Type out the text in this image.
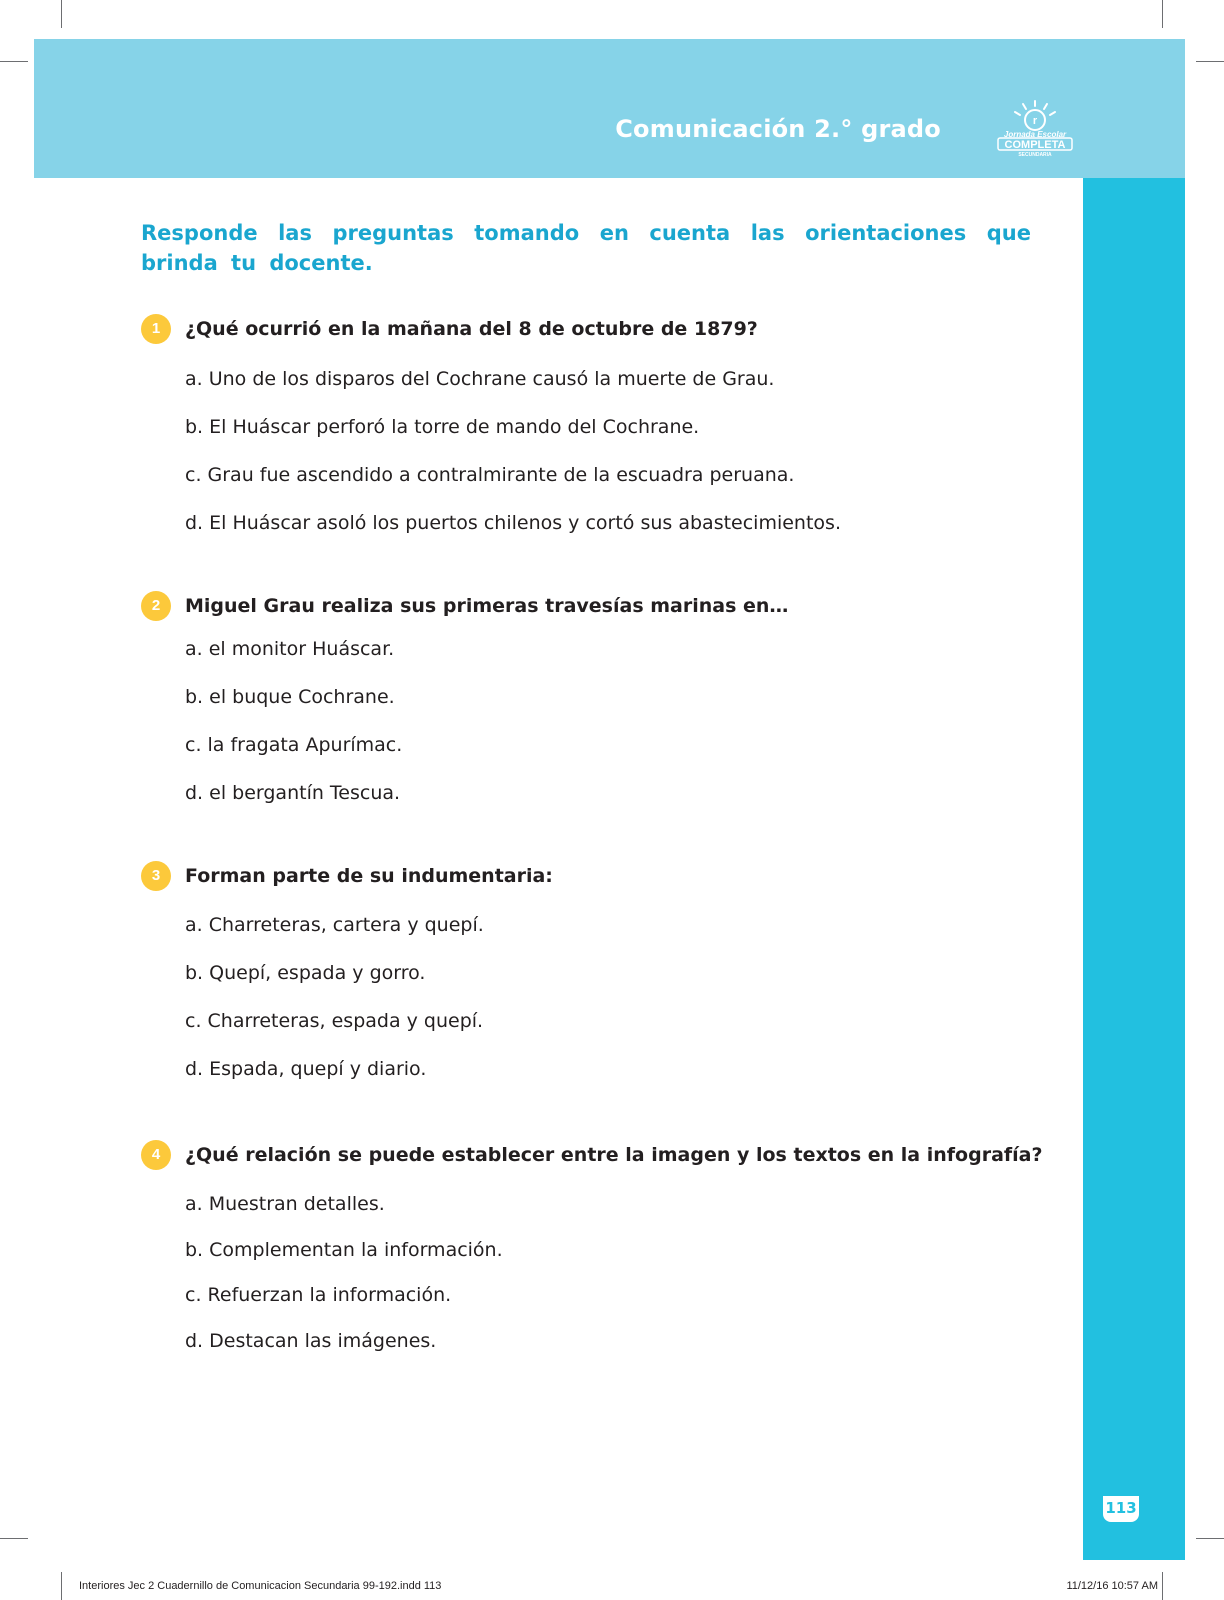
Comunicación 2.° grado	r
Jornada Escolar
COMPLETA
SECUNDARIA
113
Responde las preguntas tomando en cuenta las orientaciones que brinda tu docente.
1	¿Qué ocurrió en la mañana del 8 de octubre de 1879?
a. Uno de los disparos del Cochrane causó la muerte de Grau.
b. El Huáscar perforó la torre de mando del Cochrane.
c. Grau fue ascendido a contralmirante de la escuadra peruana.
d. El Huáscar asoló los puertos chilenos y cortó sus abastecimientos.
2	Miguel Grau realiza sus primeras travesías marinas en…
a. el monitor Huáscar.
b. el buque Cochrane.
c. la fragata Apurímac.
d. el bergantín Tescua.
3	Forman parte de su indumentaria:
a. Charreteras, cartera y quepí.
b. Quepí, espada y gorro.
c. Charreteras, espada y quepí.
d. Espada, quepí y diario.
4	¿Qué relación se puede establecer entre la imagen y los textos en la infografía?
a. Muestran detalles.
b. Complementan la información.
c. Refuerzan la información.
d. Destacan las imágenes.
Interiores Jec 2 Cuadernillo de Comunicacion Secundaria 99-192.indd 113	11/12/16 10:57 AM
